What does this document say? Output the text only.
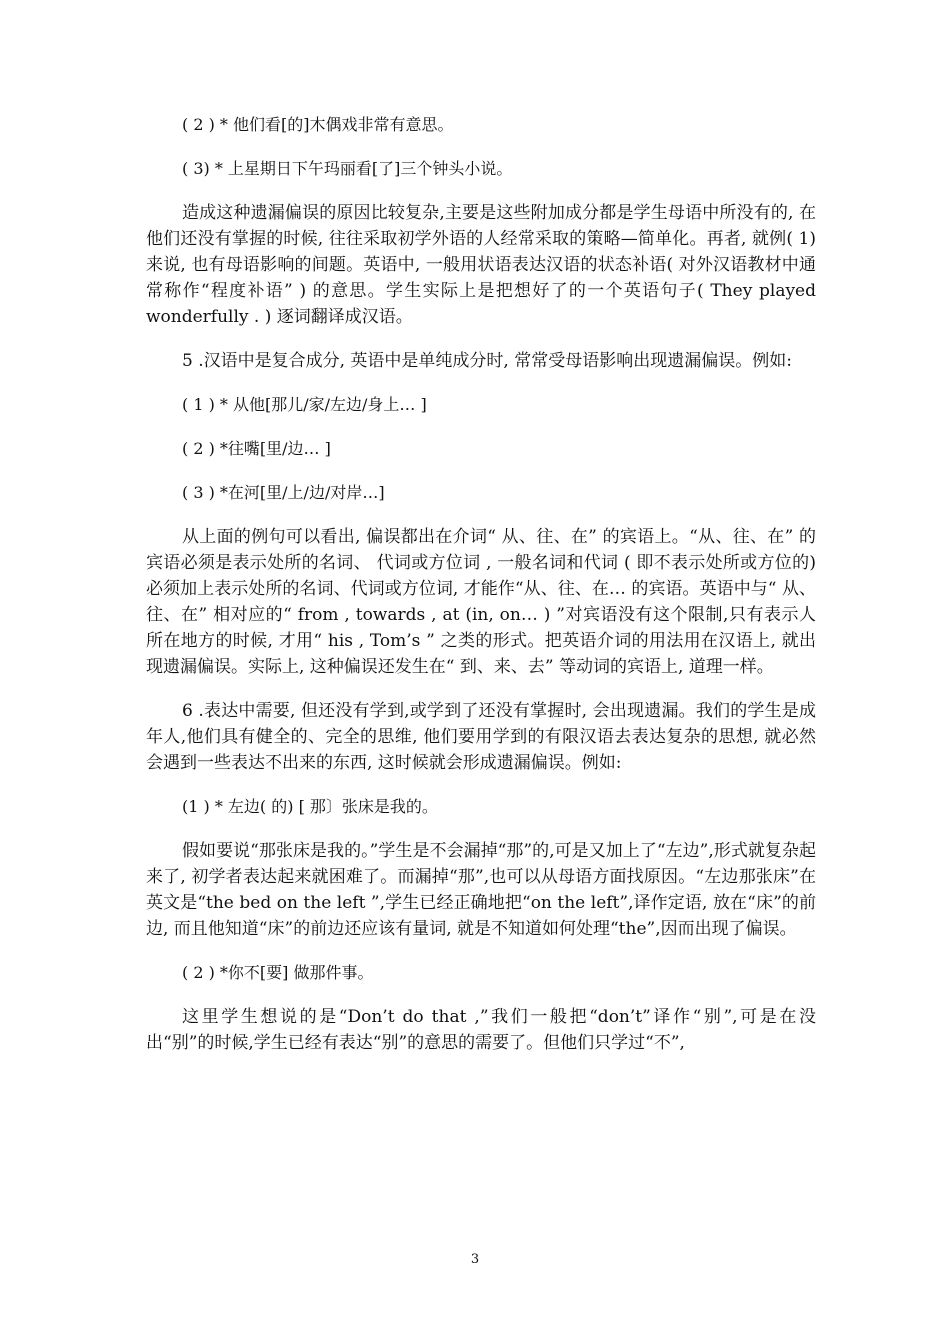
( 2 ) * 他们看[的]木偶戏非常有意思。

( 3) * 上星期日下午玛丽看[了]三个钟头小说。

造成这种遗漏偏误的原因比较复杂,主要是这些附加成分都是学生母语中所没有的, 在他们还没有掌握的时候, 往往采取初学外语的人经常采取的策略—简单化。再者, 就例( 1) 来说, 也有母语影响的间题。英语中, 一般用状语表达汉语的状态补语( 对外汉语教材中通常称作“程度补语” ) 的意思。学生实际上是把想好了的一个英语句子( They played wonderfully . ) 逐词翻译成汉语。

5 .汉语中是复合成分, 英语中是单纯成分时, 常常受母语影响出现遗漏偏误。例如:

( 1 ) * 从他[那儿/家/左边/身上… ]

( 2 ) *往嘴[里/边… ]

( 3 ) *在河[里/上/边/对岸…]

从上面的例句可以看出, 偏误都出在介词“ 从、往、在” 的宾语上。“从、往、在” 的宾语必须是表示处所的名词、 代词或方位词 , 一般名词和代词 ( 即不表示处所或方位的) 必须加上表示处所的名词、代词或方位词, 才能作“从、往、在… 的宾语。英语中与“ 从、往、在” 相对应的“ from , towards , at (in, on… ) ”对宾语没有这个限制,只有表示人所在地方的时候, 才用“ his , Tom’s ” 之类的形式。把英语介词的用法用在汉语上, 就出现遗漏偏误。实际上, 这种偏误还发生在“ 到、来、去” 等动词的宾语上, 道理一样。

6 .表达中需要, 但还没有学到,或学到了还没有掌握时, 会出现遗漏。我们的学生是成年人,他们具有健全的、完全的思维, 他们要用学到的有限汉语去表达复杂的思想, 就必然会遇到一些表达不出来的东西, 这时候就会形成遗漏偏误。例如:

(1 ) * 左边( 的) [ 那〕张床是我的。

假如要说“那张床是我的。”学生是不会漏掉“那”的,可是又加上了“左边”,形式就复杂起来了, 初学者表达起来就困难了。而漏掉“那”,也可以从母语方面找原因。“左边那张床”在英文是“the bed on the left ”,学生已经正确地把“on the left”,译作定语, 放在“床”的前边, 而且他知道“床”的前边还应该有量词, 就是不知道如何处理“the”,因而出现了偏误。

( 2 ) *你不[要] 做那件事。

这里学生想说的是“Don’t do that ,”我们一般把“don’t”译作“别”,可是在没出“别”的时候,学生已经有表达“别”的意思的需要了。但他们只学过“不”,

3
